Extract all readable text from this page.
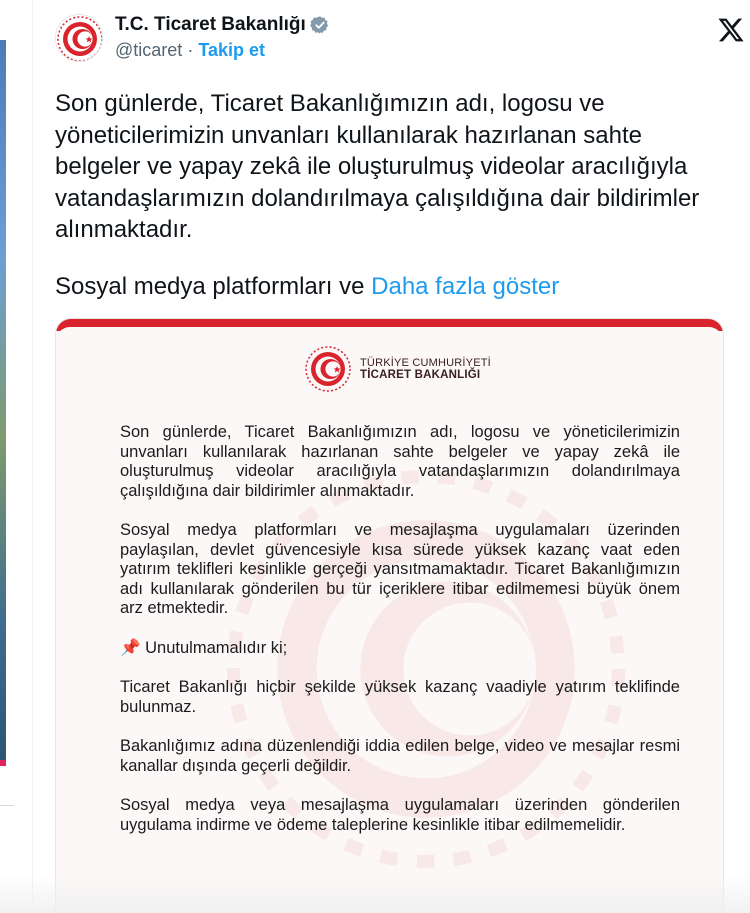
T.C. Ticaret Bakanlığı
@ticaret · Takip et
Son günlerde, Ticaret Bakanlığımızın adı, logosu ve yöneticilerimizin unvanları kullanılarak hazırlanan sahte belgeler ve yapay zekâ ile oluşturulmuş videolar aracılığıyla vatandaşlarımızın dolandırılmaya çalışıldığına dair bildirimler alınmaktadır.
Sosyal medya platformları ve Daha fazla göster
TÜRKİYE CUMHURİYETİ
TİCARET BAKANLIĞI

Son günlerde, Ticaret Bakanlığımızın adı, logosu ve yöneticilerimizin unvanları kullanılarak hazırlanan sahte belgeler ve yapay zekâ ile oluşturulmuş videolar aracılığıyla vatandaşlarımızın dolandırılmaya çalışıldığına dair bildirimler alınmaktadır.

Sosyal medya platformları ve mesajlaşma uygulamaları üzerinden paylaşılan, devlet güvencesiyle kısa sürede yüksek kazanç vaat eden yatırım teklifleri kesinlikle gerçeği yansıtmamaktadır. Ticaret Bakanlığımızın adı kullanılarak gönderilen bu tür içeriklere itibar edilmemesi büyük önem arz etmektedir.

📌 Unutulmamalıdır ki;

Ticaret Bakanlığı hiçbir şekilde yüksek kazanç vaadiyle yatırım teklifinde bulunmaz.

Bakanlığımız adına düzenlendiği iddia edilen belge, video ve mesajlar resmi kanallar dışında geçerli değildir.

Sosyal medya veya mesajlaşma uygulamaları üzerinden gönderilen uygulama indirme ve ödeme taleplerine kesinlikle itibar edilmemelidir.
